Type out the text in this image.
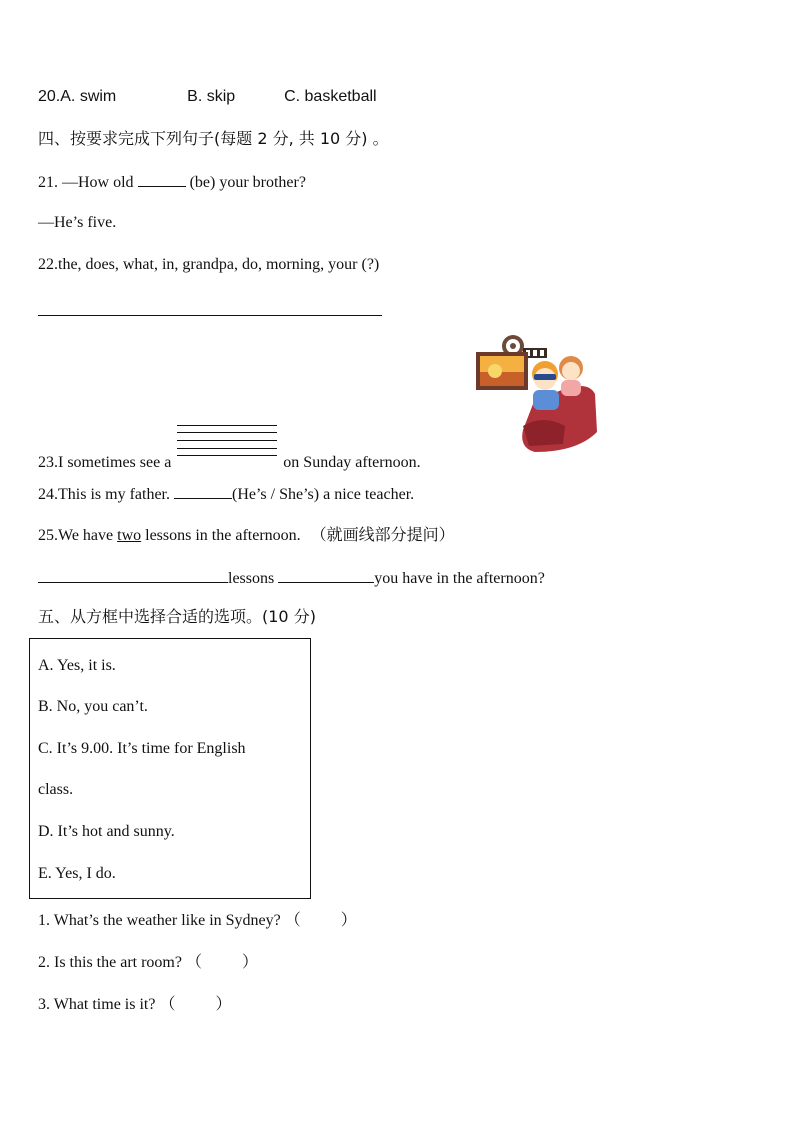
20.A. swim	B. skip	C. basketball
四、按要求完成下列句子(每题 2 分, 共 10 分) 。
21. —How old	(be) your brother?
—He’s five.
22.the, does, what, in, grandpa, do, morning, your (?)
23.I sometimes see a	on Sunday afternoon.
24.This is my father.	(He’s / She’s) a nice teacher.
25.We have two lessons in the afternoon. （就画线部分提问）
lessons	you have in the afternoon?
五、从方框中选择合适的选项。(10 分)
A. Yes, it is.
B. No, you can’t.
C. It’s 9.00. It’s time for English
class.
D. It’s hot and sunny.
E. Yes, I do.
1. What’s the weather like in Sydney? （	）
2. Is this the art room? （	）
3. What time is it? （	）
